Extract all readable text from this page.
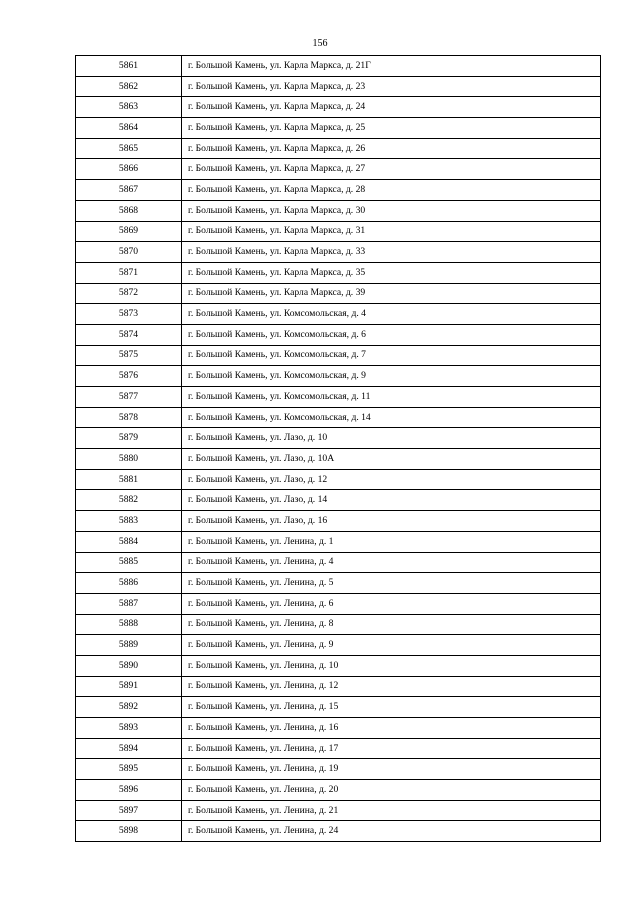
156
5861	г. Большой Камень, ул. Карла Маркса, д. 21Г
5862	г. Большой Камень, ул. Карла Маркса, д. 23
5863	г. Большой Камень, ул. Карла Маркса, д. 24
5864	г. Большой Камень, ул. Карла Маркса, д. 25
5865	г. Большой Камень, ул. Карла Маркса, д. 26
5866	г. Большой Камень, ул. Карла Маркса, д. 27
5867	г. Большой Камень, ул. Карла Маркса, д. 28
5868	г. Большой Камень, ул. Карла Маркса, д. 30
5869	г. Большой Камень, ул. Карла Маркса, д. 31
5870	г. Большой Камень, ул. Карла Маркса, д. 33
5871	г. Большой Камень, ул. Карла Маркса, д. 35
5872	г. Большой Камень, ул. Карла Маркса, д. 39
5873	г. Большой Камень, ул. Комсомольская, д. 4
5874	г. Большой Камень, ул. Комсомольская, д. 6
5875	г. Большой Камень, ул. Комсомольская, д. 7
5876	г. Большой Камень, ул. Комсомольская, д. 9
5877	г. Большой Камень, ул. Комсомольская, д. 11
5878	г. Большой Камень, ул. Комсомольская, д. 14
5879	г. Большой Камень, ул. Лазо, д. 10
5880	г. Большой Камень, ул. Лазо, д. 10А
5881	г. Большой Камень, ул. Лазо, д. 12
5882	г. Большой Камень, ул. Лазо, д. 14
5883	г. Большой Камень, ул. Лазо, д. 16
5884	г. Большой Камень, ул. Ленина, д. 1
5885	г. Большой Камень, ул. Ленина, д. 4
5886	г. Большой Камень, ул. Ленина, д. 5
5887	г. Большой Камень, ул. Ленина, д. 6
5888	г. Большой Камень, ул. Ленина, д. 8
5889	г. Большой Камень, ул. Ленина, д. 9
5890	г. Большой Камень, ул. Ленина, д. 10
5891	г. Большой Камень, ул. Ленина, д. 12
5892	г. Большой Камень, ул. Ленина, д. 15
5893	г. Большой Камень, ул. Ленина, д. 16
5894	г. Большой Камень, ул. Ленина, д. 17
5895	г. Большой Камень, ул. Ленина, д. 19
5896	г. Большой Камень, ул. Ленина, д. 20
5897	г. Большой Камень, ул. Ленина, д. 21
5898	г. Большой Камень, ул. Ленина, д. 24
